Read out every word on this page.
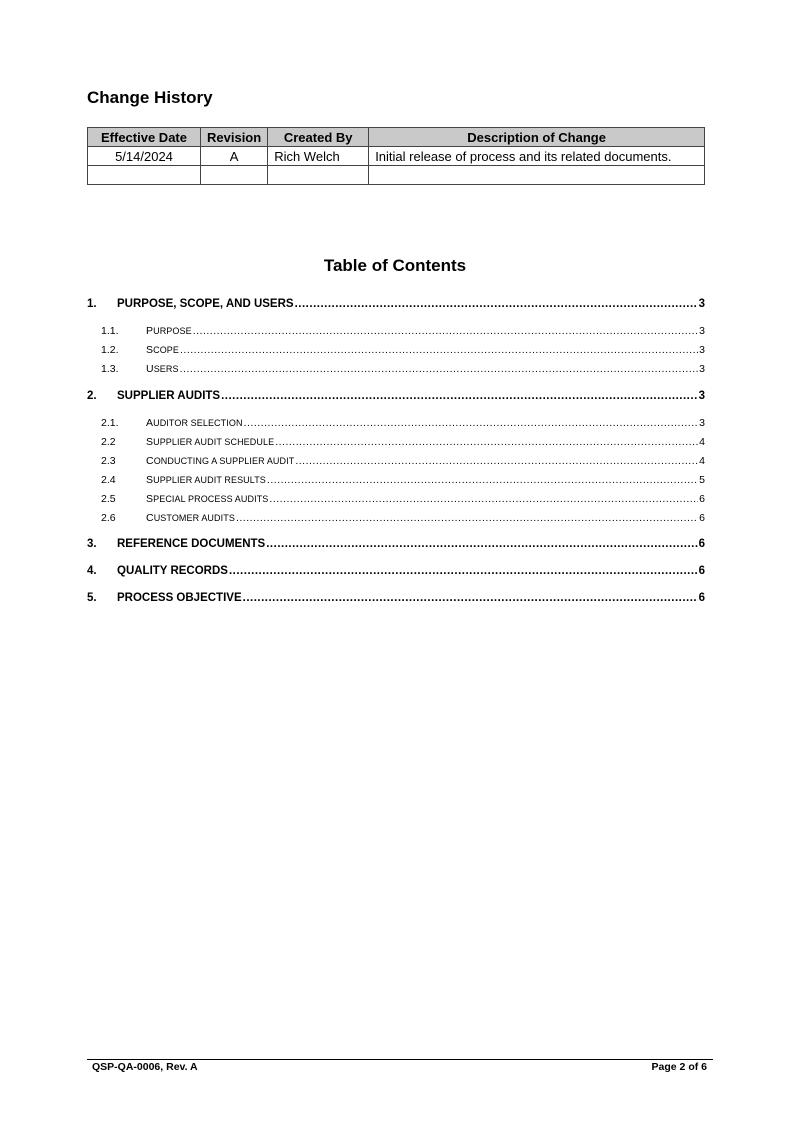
Change History
Effective Date	Revision	Created By	Description of Change
5/14/2024	A	Rich Welch	Initial release of process and its related documents.

Table of Contents
1.	PURPOSE, SCOPE, AND USERS .....	3
1.1.	PURPOSE .....	3
1.2.	SCOPE .....	3
1.3.	USERS .....	3
2.	SUPPLIER AUDITS .....	3
2.1.	AUDITOR SELECTION .....	3
2.2	SUPPLIER AUDIT SCHEDULE .....	4
2.3	CONDUCTING A SUPPLIER AUDIT .....	4
2.4	SUPPLIER AUDIT RESULTS .....	5
2.5	SPECIAL PROCESS AUDITS .....	6
2.6	CUSTOMER AUDITS .....	6
3.	REFERENCE DOCUMENTS .....	6
4.	QUALITY RECORDS .....	6
5.	PROCESS OBJECTIVE .....	6
QSP-QA-0006, Rev. A	Page 2 of 6
